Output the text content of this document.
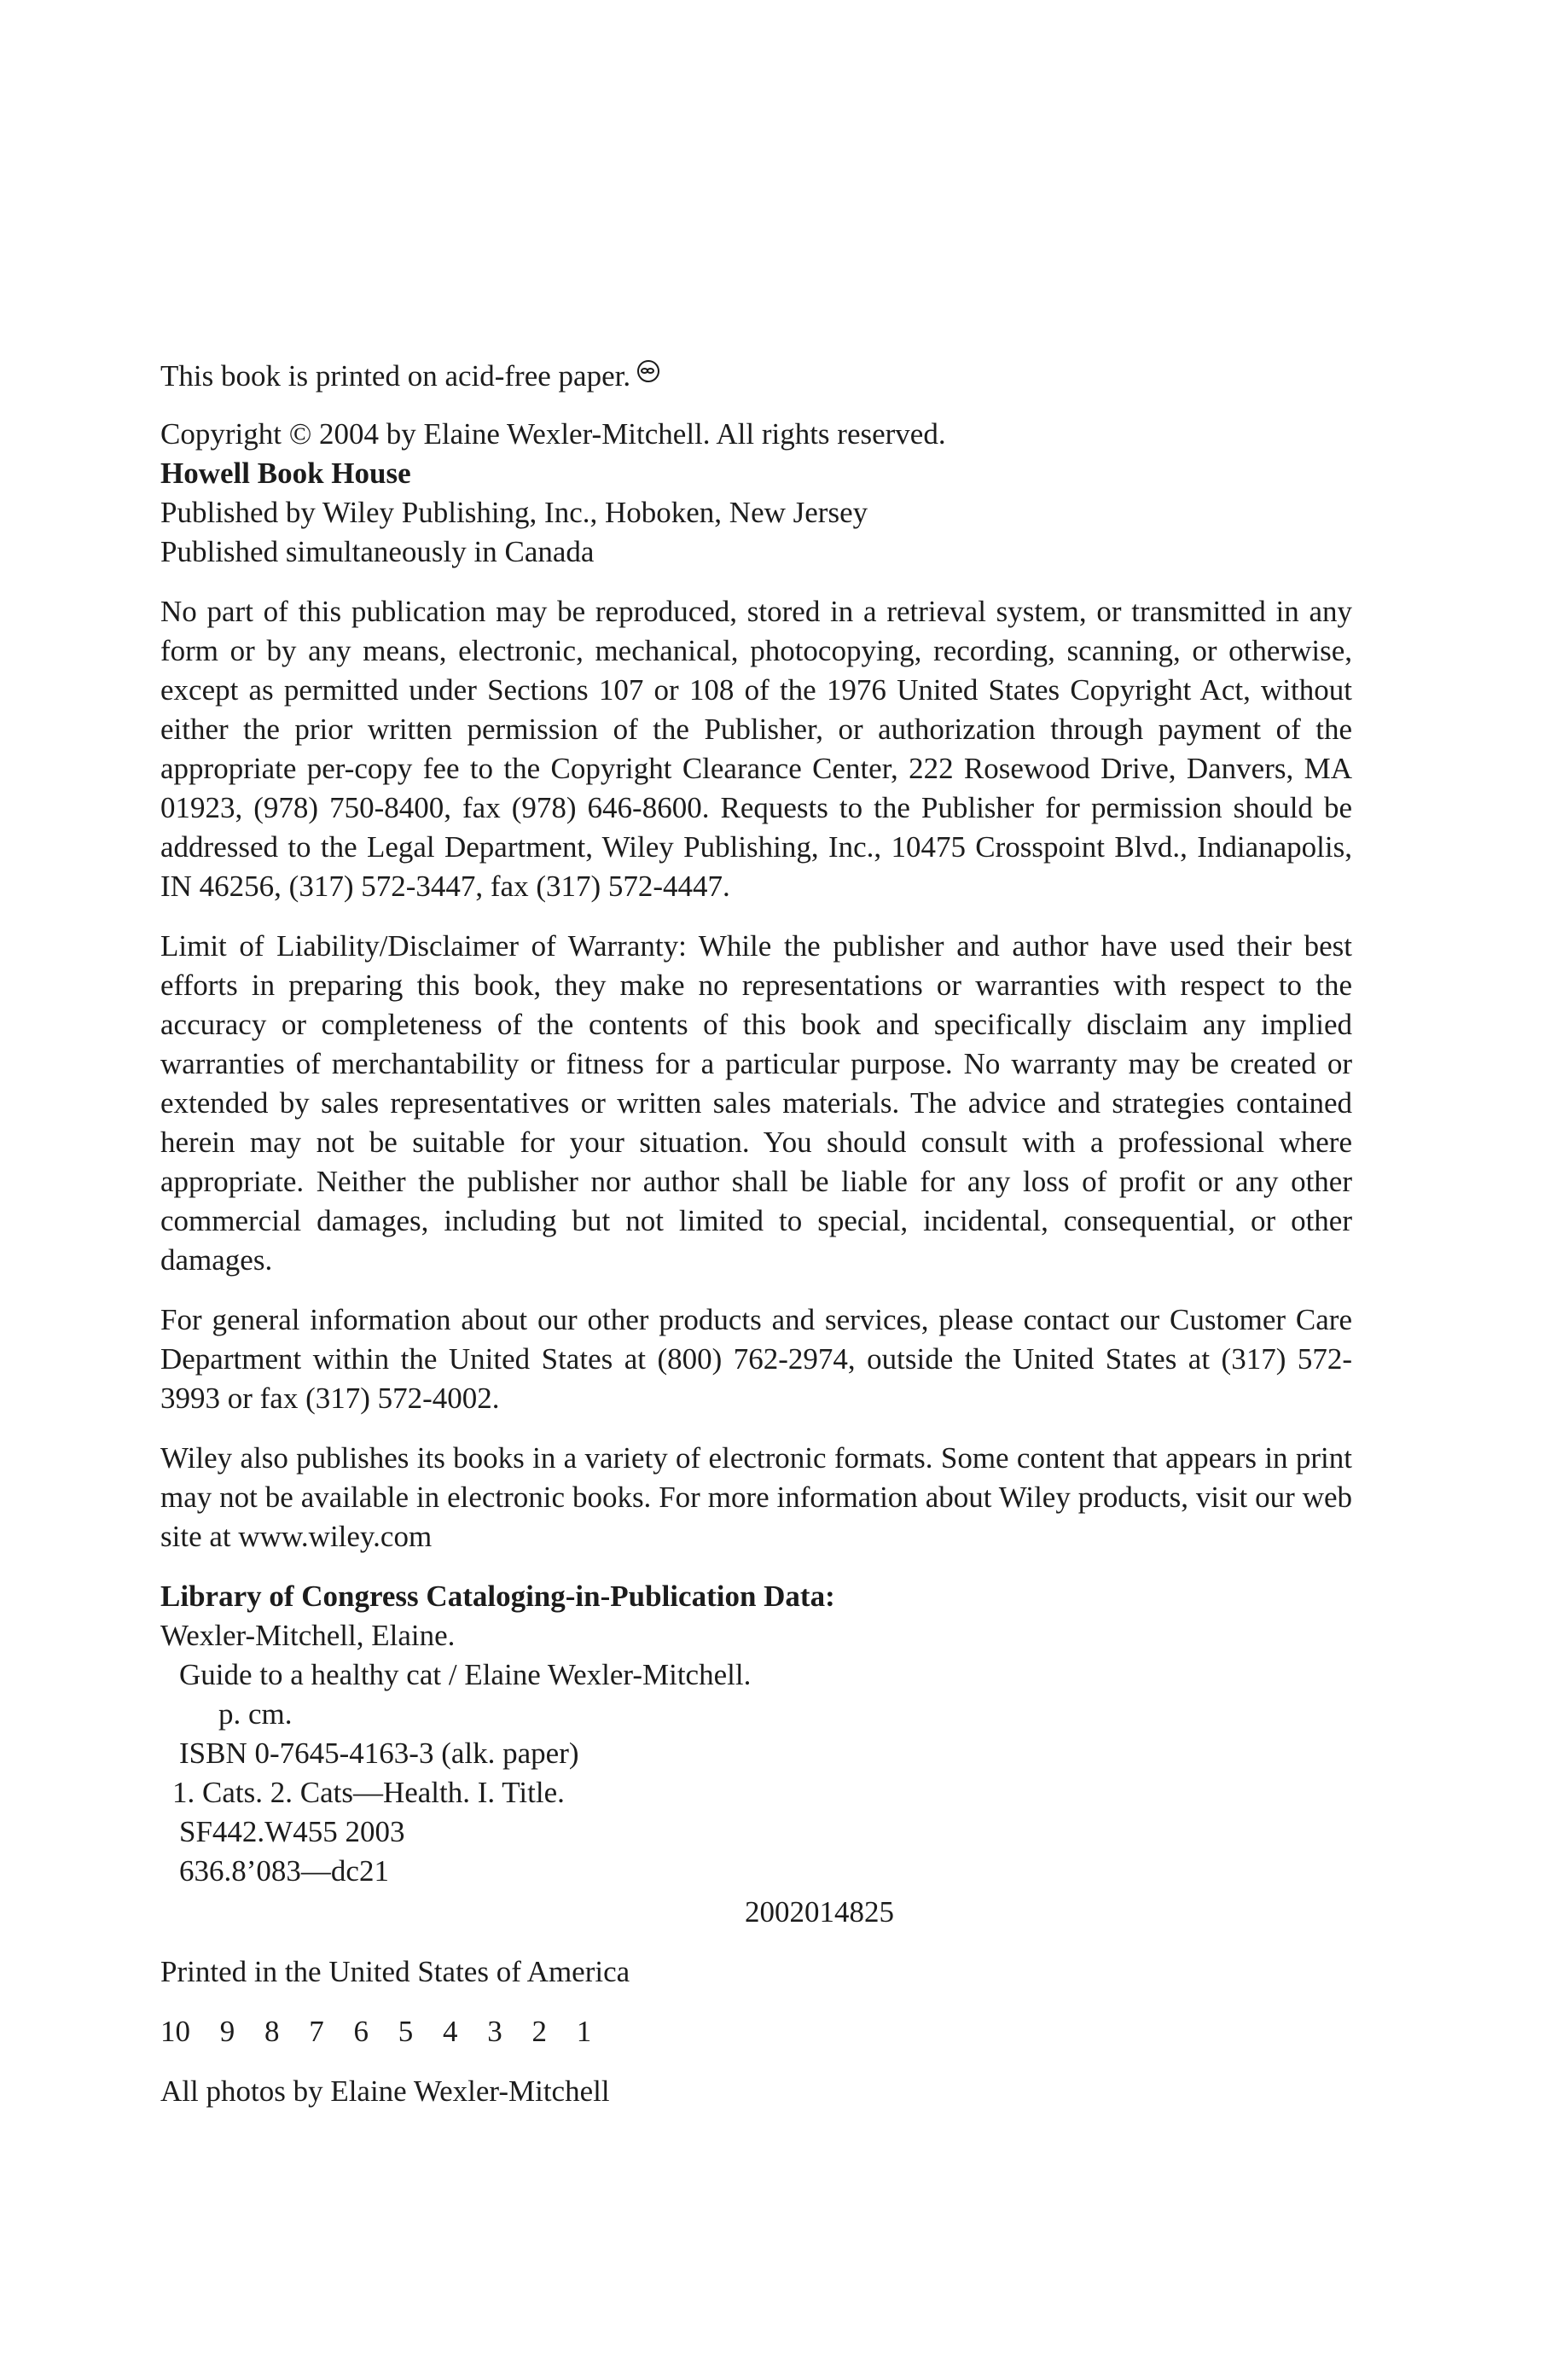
This book is printed on acid-free paper.
Copyright © 2004 by Elaine Wexler-Mitchell. All rights reserved.
Howell Book House
Published by Wiley Publishing, Inc., Hoboken, New Jersey
Published simultaneously in Canada

No part of this publication may be reproduced, stored in a retrieval system, or transmitted in any form or by any means, electronic, mechanical, photocopying, recording, scanning, or otherwise, except as permitted under Sections 107 or 108 of the 1976 United States Copyright Act, without either the prior written permission of the Publisher, or authorization through payment of the appropriate per-copy fee to the Copyright Clearance Center, 222 Rosewood Drive, Danvers, MA 01923, (978) 750-8400, fax (978) 646-8600. Requests to the Publisher for permission should be addressed to the Legal Department, Wiley Publishing, Inc., 10475 Crosspoint Blvd., Indianapolis, IN 46256, (317) 572-3447, fax (317) 572-4447.

Limit of Liability/Disclaimer of Warranty: While the publisher and author have used their best efforts in preparing this book, they make no representations or warranties with respect to the accuracy or completeness of the contents of this book and specifically disclaim any implied warranties of merchantability or fitness for a particular purpose. No warranty may be created or extended by sales representatives or written sales materials. The advice and strategies contained herein may not be suitable for your situation. You should consult with a professional where appropriate. Neither the publisher nor author shall be liable for any loss of profit or any other commercial damages, including but not limited to special, incidental, consequential, or other damages.

For general information about our other products and services, please contact our Customer Care Department within the United States at (800) 762-2974, outside the United States at (317) 572-3993 or fax (317) 572-4002.

Wiley also publishes its books in a variety of electronic formats. Some content that appears in print may not be available in electronic books. For more information about Wiley products, visit our web site at www.wiley.com

Library of Congress Cataloging-in-Publication Data:
Wexler-Mitchell, Elaine.
Guide to a healthy cat / Elaine Wexler-Mitchell.
p. cm.
ISBN 0-7645-4163-3 (alk. paper)
1. Cats. 2. Cats—Health. I. Title.
SF442.W455 2003
636.8’083—dc21
2002014825
Printed in the United States of America
10 9 8 7 6 5 4 3 2 1
All photos by Elaine Wexler-Mitchell
